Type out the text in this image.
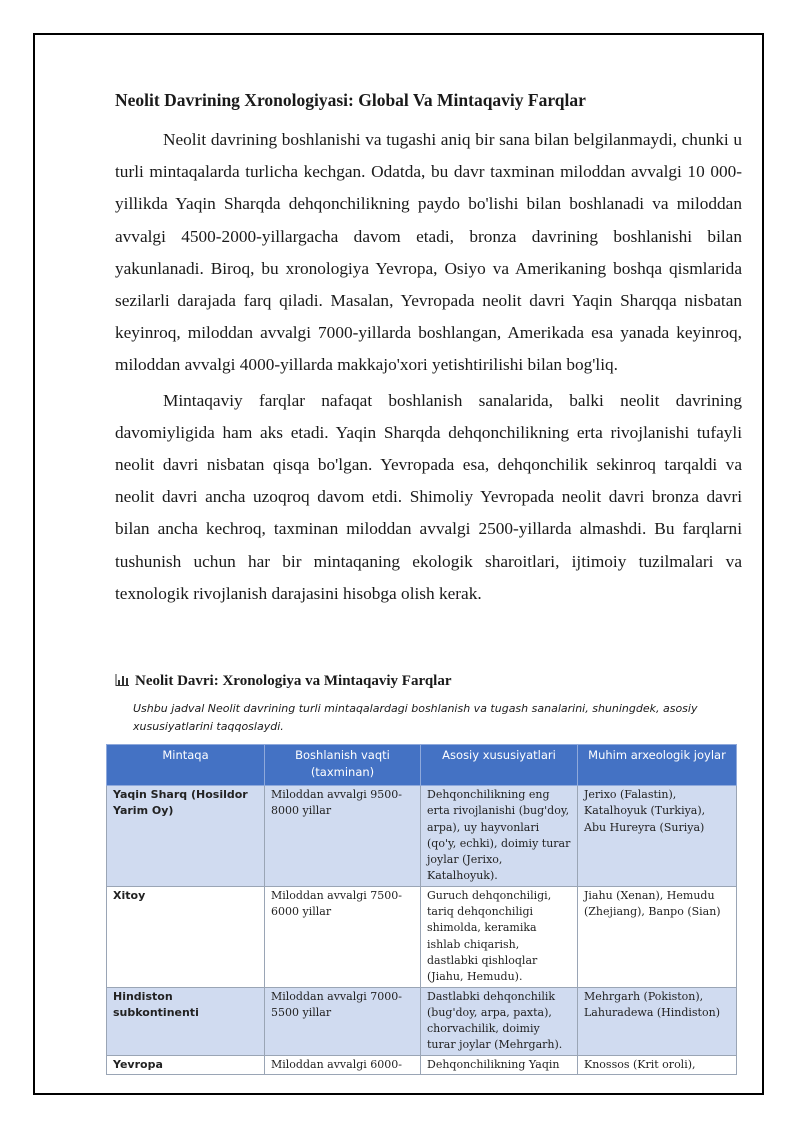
Neolit Davrining Xronologiyasi: Global Va Mintaqaviy Farqlar

Neolit davrining boshlanishi va tugashi aniq bir sana bilan belgilanmaydi, chunki u turli mintaqalarda turlicha kechgan. Odatda, bu davr taxminan miloddan avvalgi 10 000-yillikda Yaqin Sharqda dehqonchilikning paydo bo'lishi bilan boshlanadi va miloddan avvalgi 4500-2000-yillargacha davom etadi, bronza davrining boshlanishi bilan yakunlanadi. Biroq, bu xronologiya Yevropa, Osiyo va Amerikaning boshqa qismlarida sezilarli darajada farq qiladi. Masalan, Yevropada neolit davri Yaqin Sharqqa nisbatan keyinroq, miloddan avvalgi 7000-yillarda boshlangan, Amerikada esa yanada keyinroq, miloddan avvalgi 4000-yillarda makkajo'xori yetishtirilishi bilan bog'liq.

Mintaqaviy farqlar nafaqat boshlanish sanalarida, balki neolit davrining davomiyligida ham aks etadi. Yaqin Sharqda dehqonchilikning erta rivojlanishi tufayli neolit davri nisbatan qisqa bo'lgan. Yevropada esa, dehqonchilik sekinroq tarqaldi va neolit davri ancha uzoqroq davom etdi. Shimoliy Yevropada neolit davri bronza davri bilan ancha kechroq, taxminan miloddan avvalgi 2500-yillarda almashdi. Bu farqlarni tushunish uchun har bir mintaqaning ekologik sharoitlari, ijtimoiy tuzilmalari va texnologik rivojlanish darajasini hisobga olish kerak.

Neolit Davri: Xronologiya va Mintaqaviy Farqlar
Ushbu jadval Neolit davrining turli mintaqalardagi boshlanish va tugash sanalarini, shuningdek, asosiy xususiyatlarini taqqoslaydi.
Mintaqa	Boshlanish vaqti (taxminan)	Asosiy xususiyatlari	Muhim arxeologik joylar
Yaqin Sharq (Hosildor Yarim Oy)	Miloddan avvalgi 9500-8000 yillar	Dehqonchilikning eng erta rivojlanishi (bug'doy, arpa), uy hayvonlari (qo'y, echki), doimiy turar joylar (Jerixo, Katalhoyuk).	Jerixo (Falastin), Katalhoyuk (Turkiya), Abu Hureyra (Suriya)
Xitoy	Miloddan avvalgi 7500-6000 yillar	Guruch dehqonchiligi, tariq dehqonchiligi shimolda, keramika ishlab chiqarish, dastlabki qishloqlar (Jiahu, Hemudu).	Jiahu (Xenan), Hemudu (Zhejiang), Banpo (Sian)
Hindiston subkontinenti	Miloddan avvalgi 7000-5500 yillar	Dastlabki dehqonchilik (bug'doy, arpa, paxta), chorvachilik, doimiy turar joylar (Mehrgarh).	Mehrgarh (Pokiston), Lahuradewa (Hindiston)
Yevropa	Miloddan avvalgi 6000-	Dehqonchilikning Yaqin	Knossos (Krit oroli),
